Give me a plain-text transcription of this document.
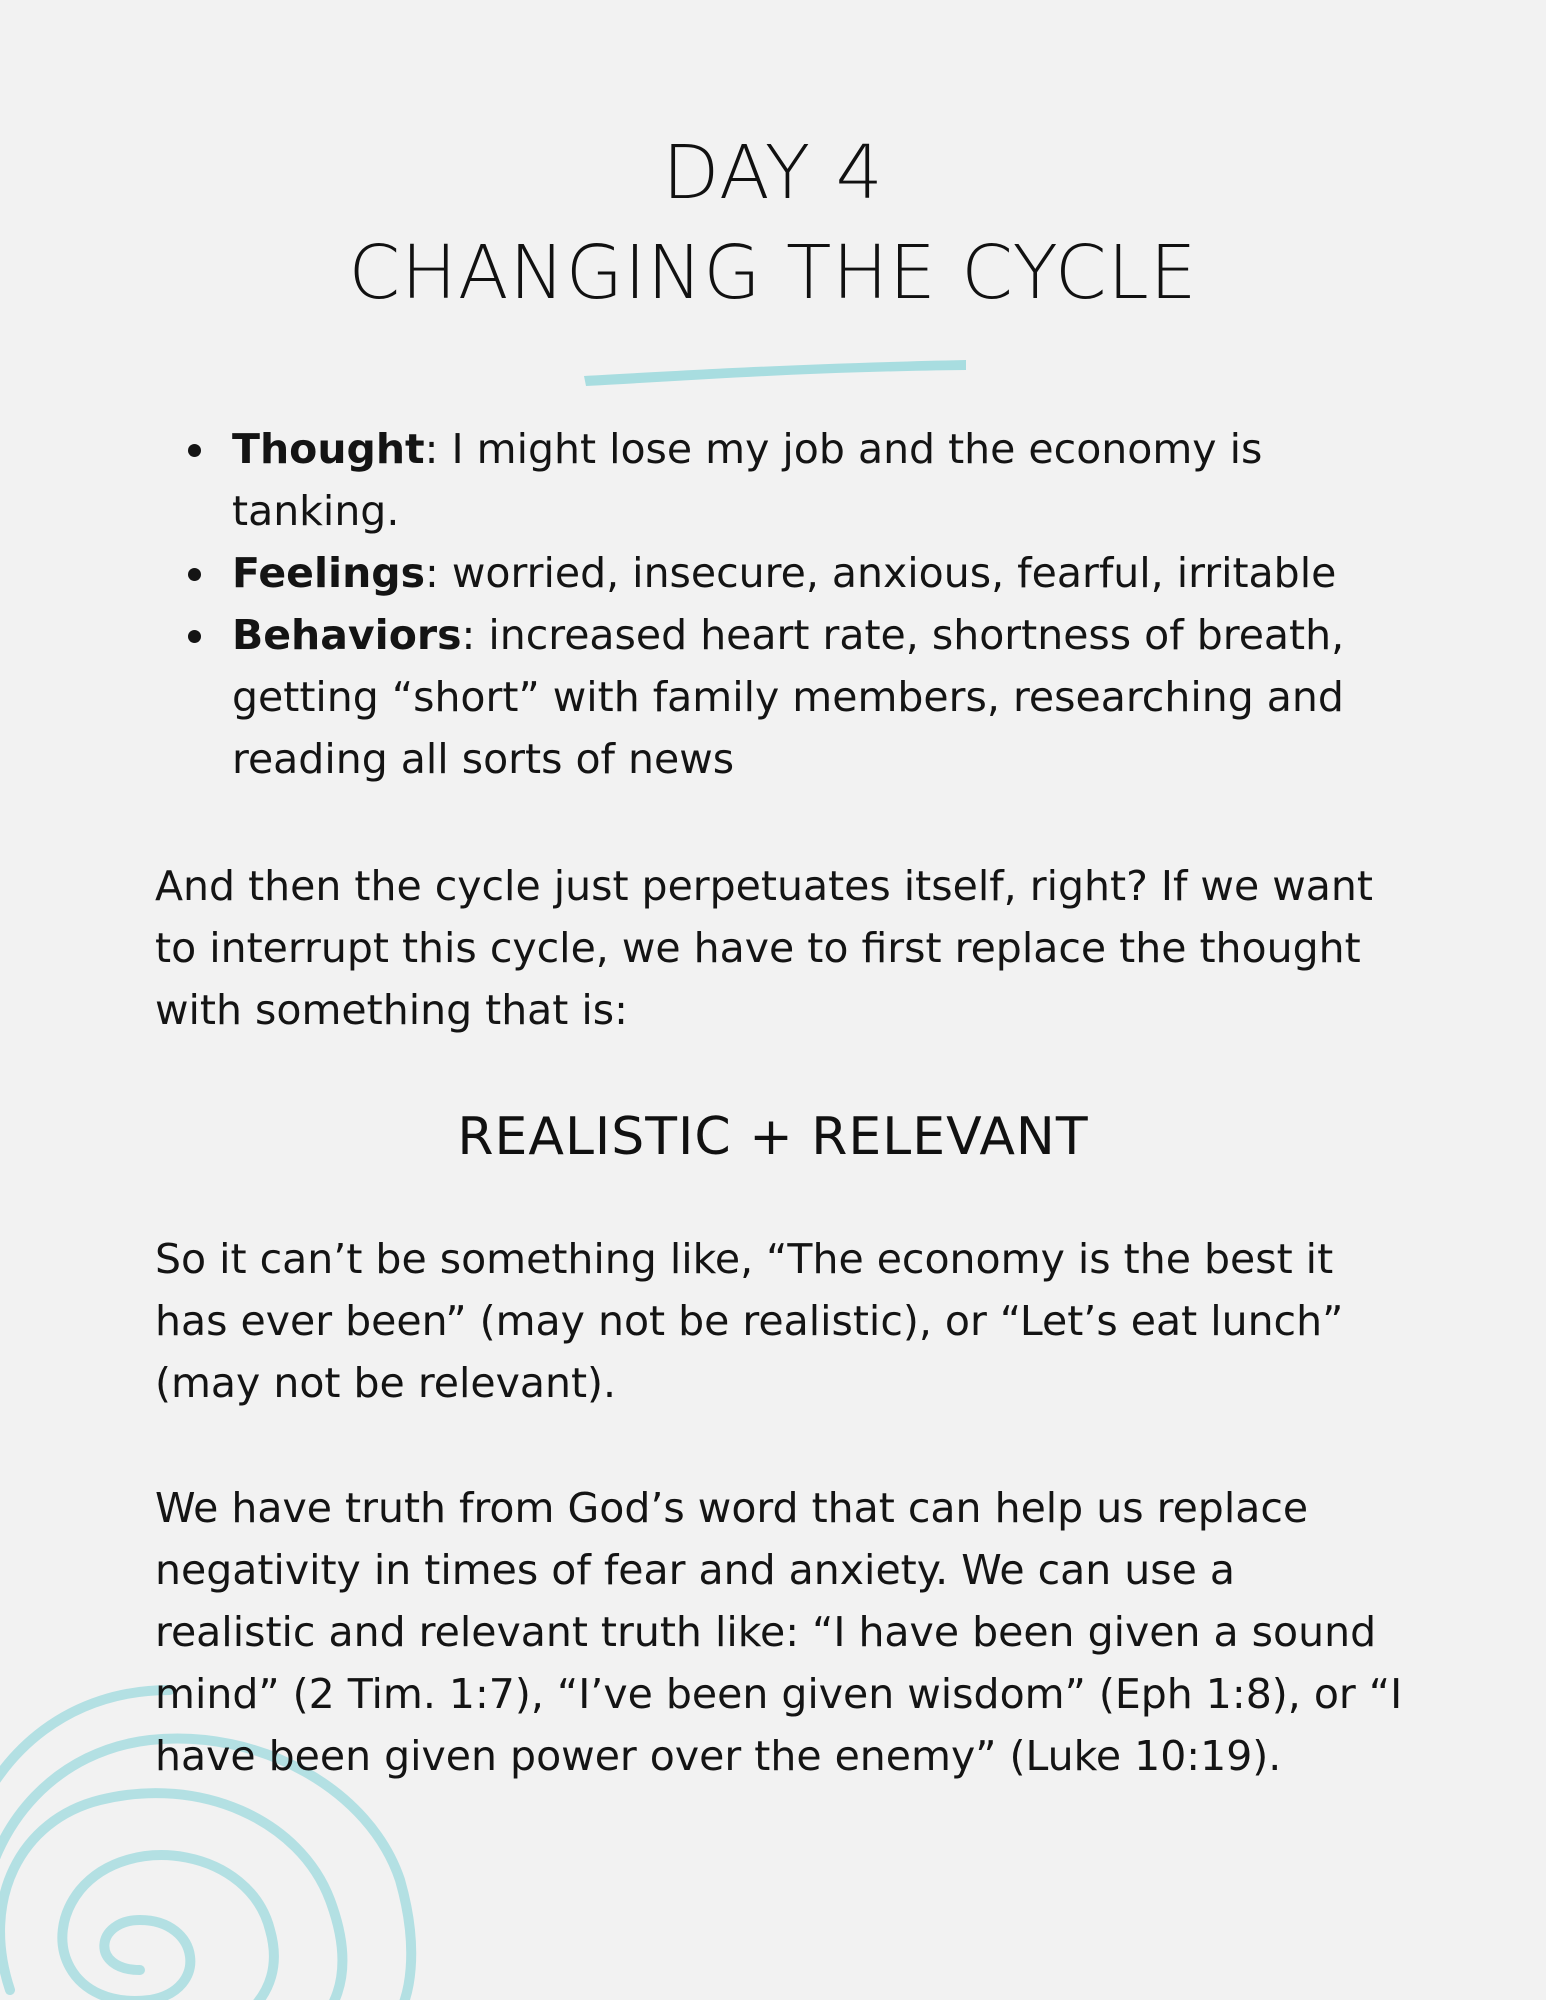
DAY 4
CHANGING THE CYCLE
Thought: I might lose my job and the economy is tanking.
Feelings: worried, insecure, anxious, fearful, irritable
Behaviors: increased heart rate, shortness of breath, getting “short” with family members, researching and reading all sorts of news

And then the cycle just perpetuates itself, right? If we want to interrupt this cycle, we have to first replace the thought with something that is:

REALISTIC + RELEVANT

So it can’t be something like, “The economy is the best it has ever been” (may not be realistic), or “Let’s eat lunch” (may not be relevant).

We have truth from God’s word that can help us replace negativity in times of fear and anxiety. We can use a realistic and relevant truth like: “I have been given a sound mind” (2 Tim. 1:7), “I’ve been given wisdom” (Eph 1:8), or “I have been given power over the enemy” (Luke 10:19).
